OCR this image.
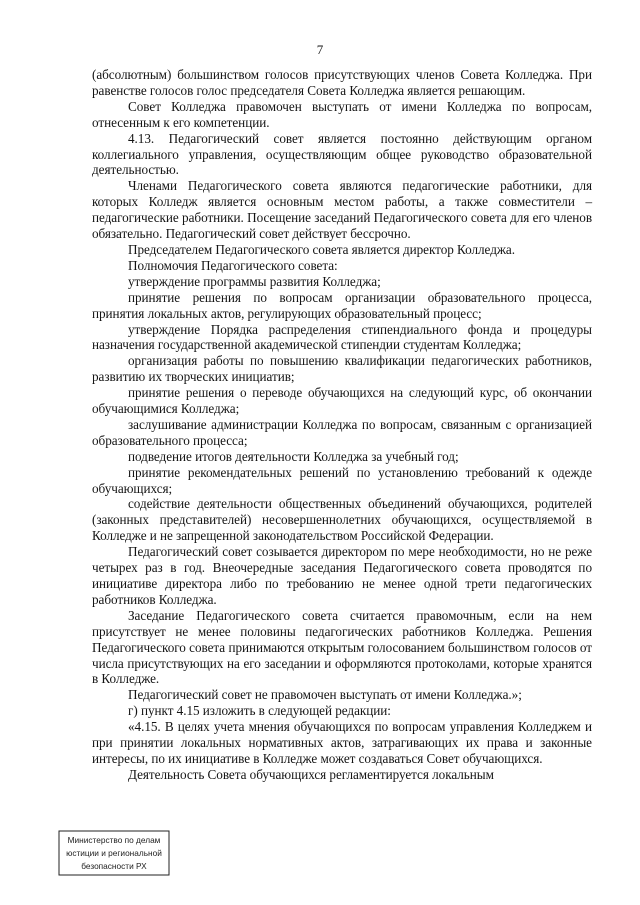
7

(абсолютным) большинством голосов присутствующих членов Совета Колледжа. При равенстве голосов голос председателя Совета Колледжа является решающим.

Совет Колледжа правомочен выступать от имени Колледжа по вопросам, отнесенным к его компетенции.

4.13. Педагогический совет является постоянно действующим органом коллегиального управления, осуществляющим общее руководство образовательной деятельностью.

Членами Педагогического совета являются педагогические работники, для которых Колледж является основным местом работы, а также совместители – педагогические работники. Посещение заседаний Педагогического совета для его членов обязательно. Педагогический совет действует бессрочно.

Председателем Педагогического совета является директор Колледжа.

Полномочия Педагогического совета:

утверждение программы развития Колледжа;

принятие решения по вопросам организации образовательного процесса, принятия локальных актов, регулирующих образовательный процесс;

утверждение Порядка распределения стипендиального фонда и процедуры назначения государственной академической стипендии студентам Колледжа;

организация работы по повышению квалификации педагогических работников, развитию их творческих инициатив;

принятие решения о переводе обучающихся на следующий курс, об окончании обучающимися Колледжа;

заслушивание администрации Колледжа по вопросам, связанным с организацией образовательного процесса;

подведение итогов деятельности Колледжа за учебный год;

принятие рекомендательных решений по установлению требований к одежде обучающихся;

содействие деятельности общественных объединений обучающихся, родителей (законных представителей) несовершеннолетних обучающихся, осуществляемой в Колледже и не запрещенной законодательством Российской Федерации.

Педагогический совет созывается директором по мере необходимости, но не реже четырех раз в год. Внеочередные заседания Педагогического совета проводятся по инициативе директора либо по требованию не менее одной трети педагогических работников Колледжа.

Заседание Педагогического совета считается правомочным, если на нем присутствует не менее половины педагогических работников Колледжа. Решения Педагогического совета принимаются открытым голосованием большинством голосов от числа присутствующих на его заседании и оформляются протоколами, которые хранятся в Колледже.

Педагогический совет не правомочен выступать от имени Колледжа.»;

г) пункт 4.15 изложить в следующей редакции:

«4.15. В целях учета мнения обучающихся по вопросам управления Колледжем и при принятии локальных нормативных актов, затрагивающих их права и законные интересы, по их инициативе в Колледже может создаваться Совет обучающихся.

Деятельность Совета обучающихся регламентируется локальным

Министерство по делам
юстиции и региональной
безопасности РХ
